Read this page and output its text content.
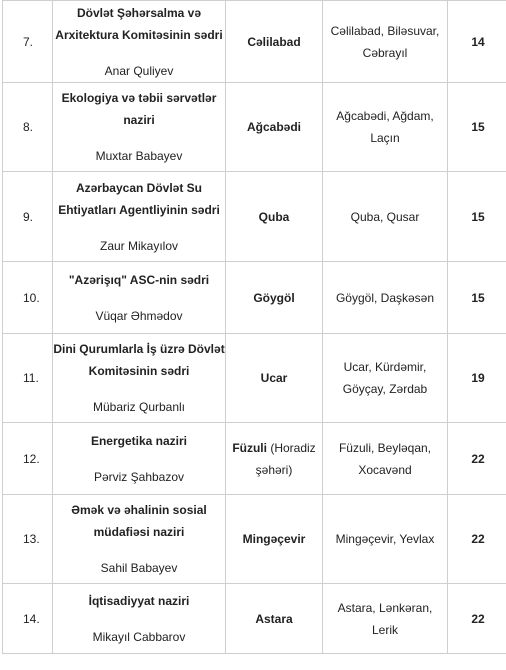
7.	Dövlət Şəhərsalma və Arxitektura Komitəsinin sədri
Anar Quliyev	Cəlilabad	Cəlilabad, Biləsuvar, Cəbrayıl	14
8.	Ekologiya və təbii sərvətlər naziri
Muxtar Babayev	Ağcabədi	Ağcabədi, Ağdam, Laçın	15
9.	Azərbaycan Dövlət Su Ehtiyatları Agentliyinin sədri
Zaur Mikayılov	Quba	Quba, Qusar	15
10.	"Azərişıq" ASC-nin sədri
Vüqar Əhmədov	Göygöl	Göygöl, Daşkəsən	15
11.	Dini Qurumlarla İş üzrə Dövlət Komitəsinin sədri
Mübariz Qurbanlı	Ucar	Ucar, Kürdəmir, Göyçay, Zərdab	19
12.	Energetika naziri
Pərviz Şahbazov	Füzuli (Horadiz şəhəri)	Füzuli, Beyləqan, Xocavənd	22
13.	Əmək və əhalinin sosial müdafiəsi naziri
Sahil Babayev	Mingəçevir	Mingəçevir, Yevlax	22
14.	İqtisadiyyat naziri
Mikayıl Cabbarov	Astara	Astara, Lənkəran, Lerik	22
